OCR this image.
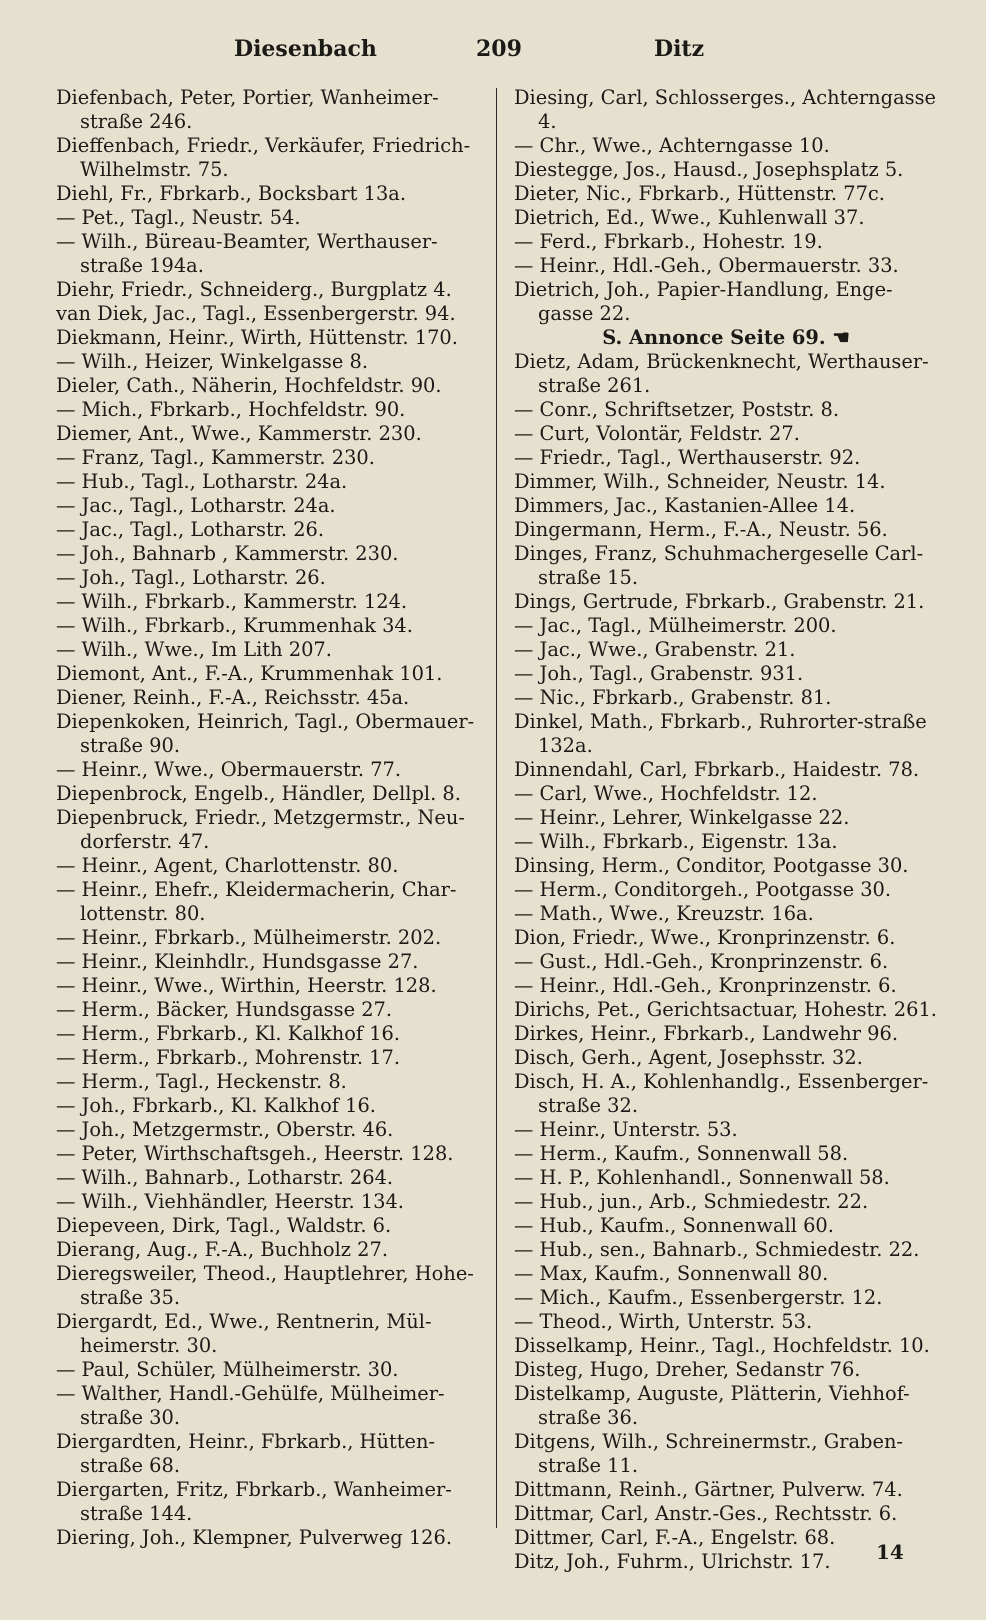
Diesenbach	209	Ditz
Diefenbach, Peter, Portier, Wanheimer-straße 246.
Dieffenbach, Friedr., Verkäufer, Friedrich-Wilhelmstr. 75.
Diehl, Fr., Fbrkarb., Bocksbart 13a.
— Pet., Tagl., Neustr. 54.
— Wilh., Büreau-Beamter, Werthauser-straße 194a.
Diehr, Friedr., Schneiderg., Burgplatz 4.
van Diek, Jac., Tagl., Essenbergerstr. 94.
Diekmann, Heinr., Wirth, Hüttenstr. 170.
— Wilh., Heizer, Winkelgasse 8.
Dieler, Cath., Näherin, Hochfeldstr. 90.
— Mich., Fbrkarb., Hochfeldstr. 90.
Diemer, Ant., Wwe., Kammerstr. 230.
— Franz, Tagl., Kammerstr. 230.
— Hub., Tagl., Lotharstr. 24a.
— Jac., Tagl., Lotharstr. 24a.
— Jac., Tagl., Lotharstr. 26.
— Joh., Bahnarb , Kammerstr. 230.
— Joh., Tagl., Lotharstr. 26.
— Wilh., Fbrkarb., Kammerstr. 124.
— Wilh., Fbrkarb., Krummenhak 34.
— Wilh., Wwe., Im Lith 207.
Diemont, Ant., F.-A., Krummenhak 101.
Diener, Reinh., F.-A., Reichsstr. 45a.
Diepenkoken, Heinrich, Tagl., Obermauer-straße 90.
— Heinr., Wwe., Obermauerstr. 77.
Diepenbrock, Engelb., Händler, Dellpl. 8.
Diepenbruck, Friedr., Metzgermstr., Neu-dorferstr. 47.
— Heinr., Agent, Charlottenstr. 80.
— Heinr., Ehefr., Kleidermacherin, Char-lottenstr. 80.
— Heinr., Fbrkarb., Mülheimerstr. 202.
— Heinr., Kleinhdlr., Hundsgasse 27.
— Heinr., Wwe., Wirthin, Heerstr. 128.
— Herm., Bäcker, Hundsgasse 27.
— Herm., Fbrkarb., Kl. Kalkhof 16.
— Herm., Fbrkarb., Mohrenstr. 17.
— Herm., Tagl., Heckenstr. 8.
— Joh., Fbrkarb., Kl. Kalkhof 16.
— Joh., Metzgermstr., Oberstr. 46.
— Peter, Wirthschaftsgeh., Heerstr. 128.
— Wilh., Bahnarb., Lotharstr. 264.
— Wilh., Viehhändler, Heerstr. 134.
Diepeveen, Dirk, Tagl., Waldstr. 6.
Dierang, Aug., F.-A., Buchholz 27.
Dieregsweiler, Theod., Hauptlehrer, Hohe-straße 35.
Diergardt, Ed., Wwe., Rentnerin, Mül-heimerstr. 30.
— Paul, Schüler, Mülheimerstr. 30.
— Walther, Handl.-Gehülfe, Mülheimer-straße 30.
Diergardten, Heinr., Fbrkarb., Hütten-straße 68.
Diergarten, Fritz, Fbrkarb., Wanheimer-straße 144.
Diering, Joh., Klempner, Pulverweg 126.
Diesing, Carl, Schlosserges., Achterngasse 4.
— Chr., Wwe., Achterngasse 10.
Diestegge, Jos., Hausd., Josephsplatz 5.
Dieter, Nic., Fbrkarb., Hüttenstr. 77c.
Dietrich, Ed., Wwe., Kuhlenwall 37.
— Ferd., Fbrkarb., Hohestr. 19.
— Heinr., Hdl.-Geh., Obermauerstr. 33.
Dietrich, Joh., Papier-Handlung, Enge-gasse 22.
S. Annonce Seite 69. ☚
Dietz, Adam, Brückenknecht, Werthauser-straße 261.
— Conr., Schriftsetzer, Poststr. 8.
— Curt, Volontär, Feldstr. 27.
— Friedr., Tagl., Werthauserstr. 92.
Dimmer, Wilh., Schneider, Neustr. 14.
Dimmers, Jac., Kastanien-Allee 14.
Dingermann, Herm., F.-A., Neustr. 56.
Dinges, Franz, Schuhmachergeselle Carl-straße 15.
Dings, Gertrude, Fbrkarb., Grabenstr. 21.
— Jac., Tagl., Mülheimerstr. 200.
— Jac., Wwe., Grabenstr. 21.
— Joh., Tagl., Grabenstr. 931.
— Nic., Fbrkarb., Grabenstr. 81.
Dinkel, Math., Fbrkarb., Ruhrorter-straße 132a.
Dinnendahl, Carl, Fbrkarb., Haidestr. 78.
— Carl, Wwe., Hochfeldstr. 12.
— Heinr., Lehrer, Winkelgasse 22.
— Wilh., Fbrkarb., Eigenstr. 13a.
Dinsing, Herm., Conditor, Pootgasse 30.
— Herm., Conditorgeh., Pootgasse 30.
— Math., Wwe., Kreuzstr. 16a.
Dion, Friedr., Wwe., Kronprinzenstr. 6.
— Gust., Hdl.-Geh., Kronprinzenstr. 6.
— Heinr., Hdl.-Geh., Kronprinzenstr. 6.
Dirichs, Pet., Gerichtsactuar, Hohestr. 261.
Dirkes, Heinr., Fbrkarb., Landwehr 96.
Disch, Gerh., Agent, Josephsstr. 32.
Disch, H. A., Kohlenhandlg., Essenberger-straße 32.
— Heinr., Unterstr. 53.
— Herm., Kaufm., Sonnenwall 58.
— H. P., Kohlenhandl., Sonnenwall 58.
— Hub., jun., Arb., Schmiedestr. 22.
— Hub., Kaufm., Sonnenwall 60.
— Hub., sen., Bahnarb., Schmiedestr. 22.
— Max, Kaufm., Sonnenwall 80.
— Mich., Kaufm., Essenbergerstr. 12.
— Theod., Wirth, Unterstr. 53.
Disselkamp, Heinr., Tagl., Hochfeldstr. 10.
Disteg, Hugo, Dreher, Sedanstr 76.
Distelkamp, Auguste, Plätterin, Viehhof-straße 36.
Ditgens, Wilh., Schreinermstr., Graben-straße 11.
Dittmann, Reinh., Gärtner, Pulverw. 74.
Dittmar, Carl, Anstr.-Ges., Rechtsstr. 6.
Dittmer, Carl, F.-A., Engelstr. 68.
Ditz, Joh., Fuhrm., Ulrichstr. 17.	14
